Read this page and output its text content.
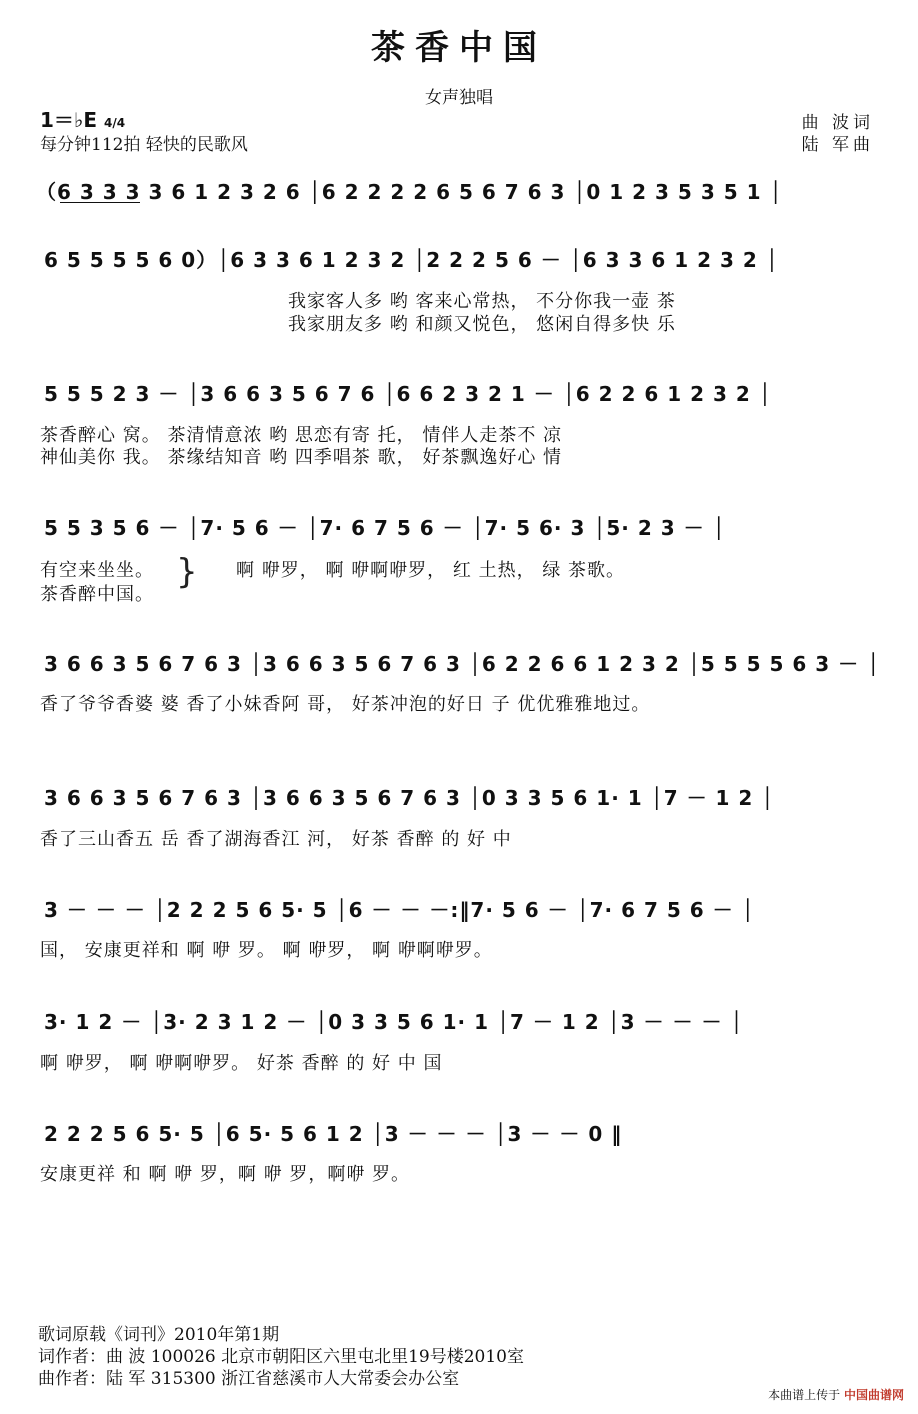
茶香中国
女声独唱
1＝♭E 4/4
每分钟112拍 轻快的民歌风
曲 波词
陆 军曲
（6 3 3 3 3 6 1 2 3 2 6 │6 2 2 2 2 6 5 6 7 6 3 │0 1 2 3 5 3 5 1 │
6 5 5 5 5 6 0）│6 3 3 6 1 2 3 2 │2 2 2 5 6 － │6 3 3 6 1 2 3 2 │
我家客人多 哟 客来心常热， 不分你我一壶 茶
我家朋友多 哟 和颜又悦色， 悠闲自得多快 乐
5 5 5 2 3 － │3 6 6 3 5 6 7 6 │6 6 2 3 2 1 － │6 2 2 6 1 2 3 2 │
茶香醉心 窝。 茶清情意浓 哟 思恋有寄 托， 情伴人走茶不 凉
神仙美你 我。 茶缘结知音 哟 四季唱茶 歌， 好茶飘逸好心 情
5 5 3 5 6 － │7· 5 6 － │7· 6 7 5 6 － │7· 5 6· 3 │5· 2 3 － │
有空来坐坐。
茶香醉中国。
} 啊 咿罗， 啊 咿啊咿罗， 红 土热， 绿 茶歌。
3 6 6 3 5 6 7 6 3 │3 6 6 3 5 6 7 6 3 │6 2 2 6 6 1 2 3 2 │5 5 5 5 6 3 － │
香了爷爷香婆 婆 香了小妹香阿 哥， 好茶冲泡的好日 子 优优雅雅地过。
3 6 6 3 5 6 7 6 3 │3 6 6 3 5 6 7 6 3 │0 3 3 5 6 1· 1 │7 － 1 2 │
香了三山香五 岳 香了湖海香江 河， 好茶 香醉 的 好 中
3 － － － │2 2 2 5 6 5· 5 │6 － － －:‖7· 5 6 － │7· 6 7 5 6 － │
国， 安康更祥和 啊 咿 罗。 啊 咿罗， 啊 咿啊咿罗。
3· 1 2 － │3· 2 3 1 2 － │0 3 3 5 6 1· 1 │7 － 1 2 │3 － － － │
啊 咿罗， 啊 咿啊咿罗。 好茶 香醉 的 好 中 国
2 2 2 5 6 5· 5 │6 5· 5 6 1 2 │3 － － － │3 － － 0 ‖
安康更祥 和 啊 咿 罗，啊 咿 罗，啊咿 罗。
歌词原载《词刊》2010年第1期
词作者：曲 波 100026 北京市朝阳区六里屯北里19号楼2010室
曲作者：陆 军 315300 浙江省慈溪市人大常委会办公室
本曲谱上传于 中国曲谱网
